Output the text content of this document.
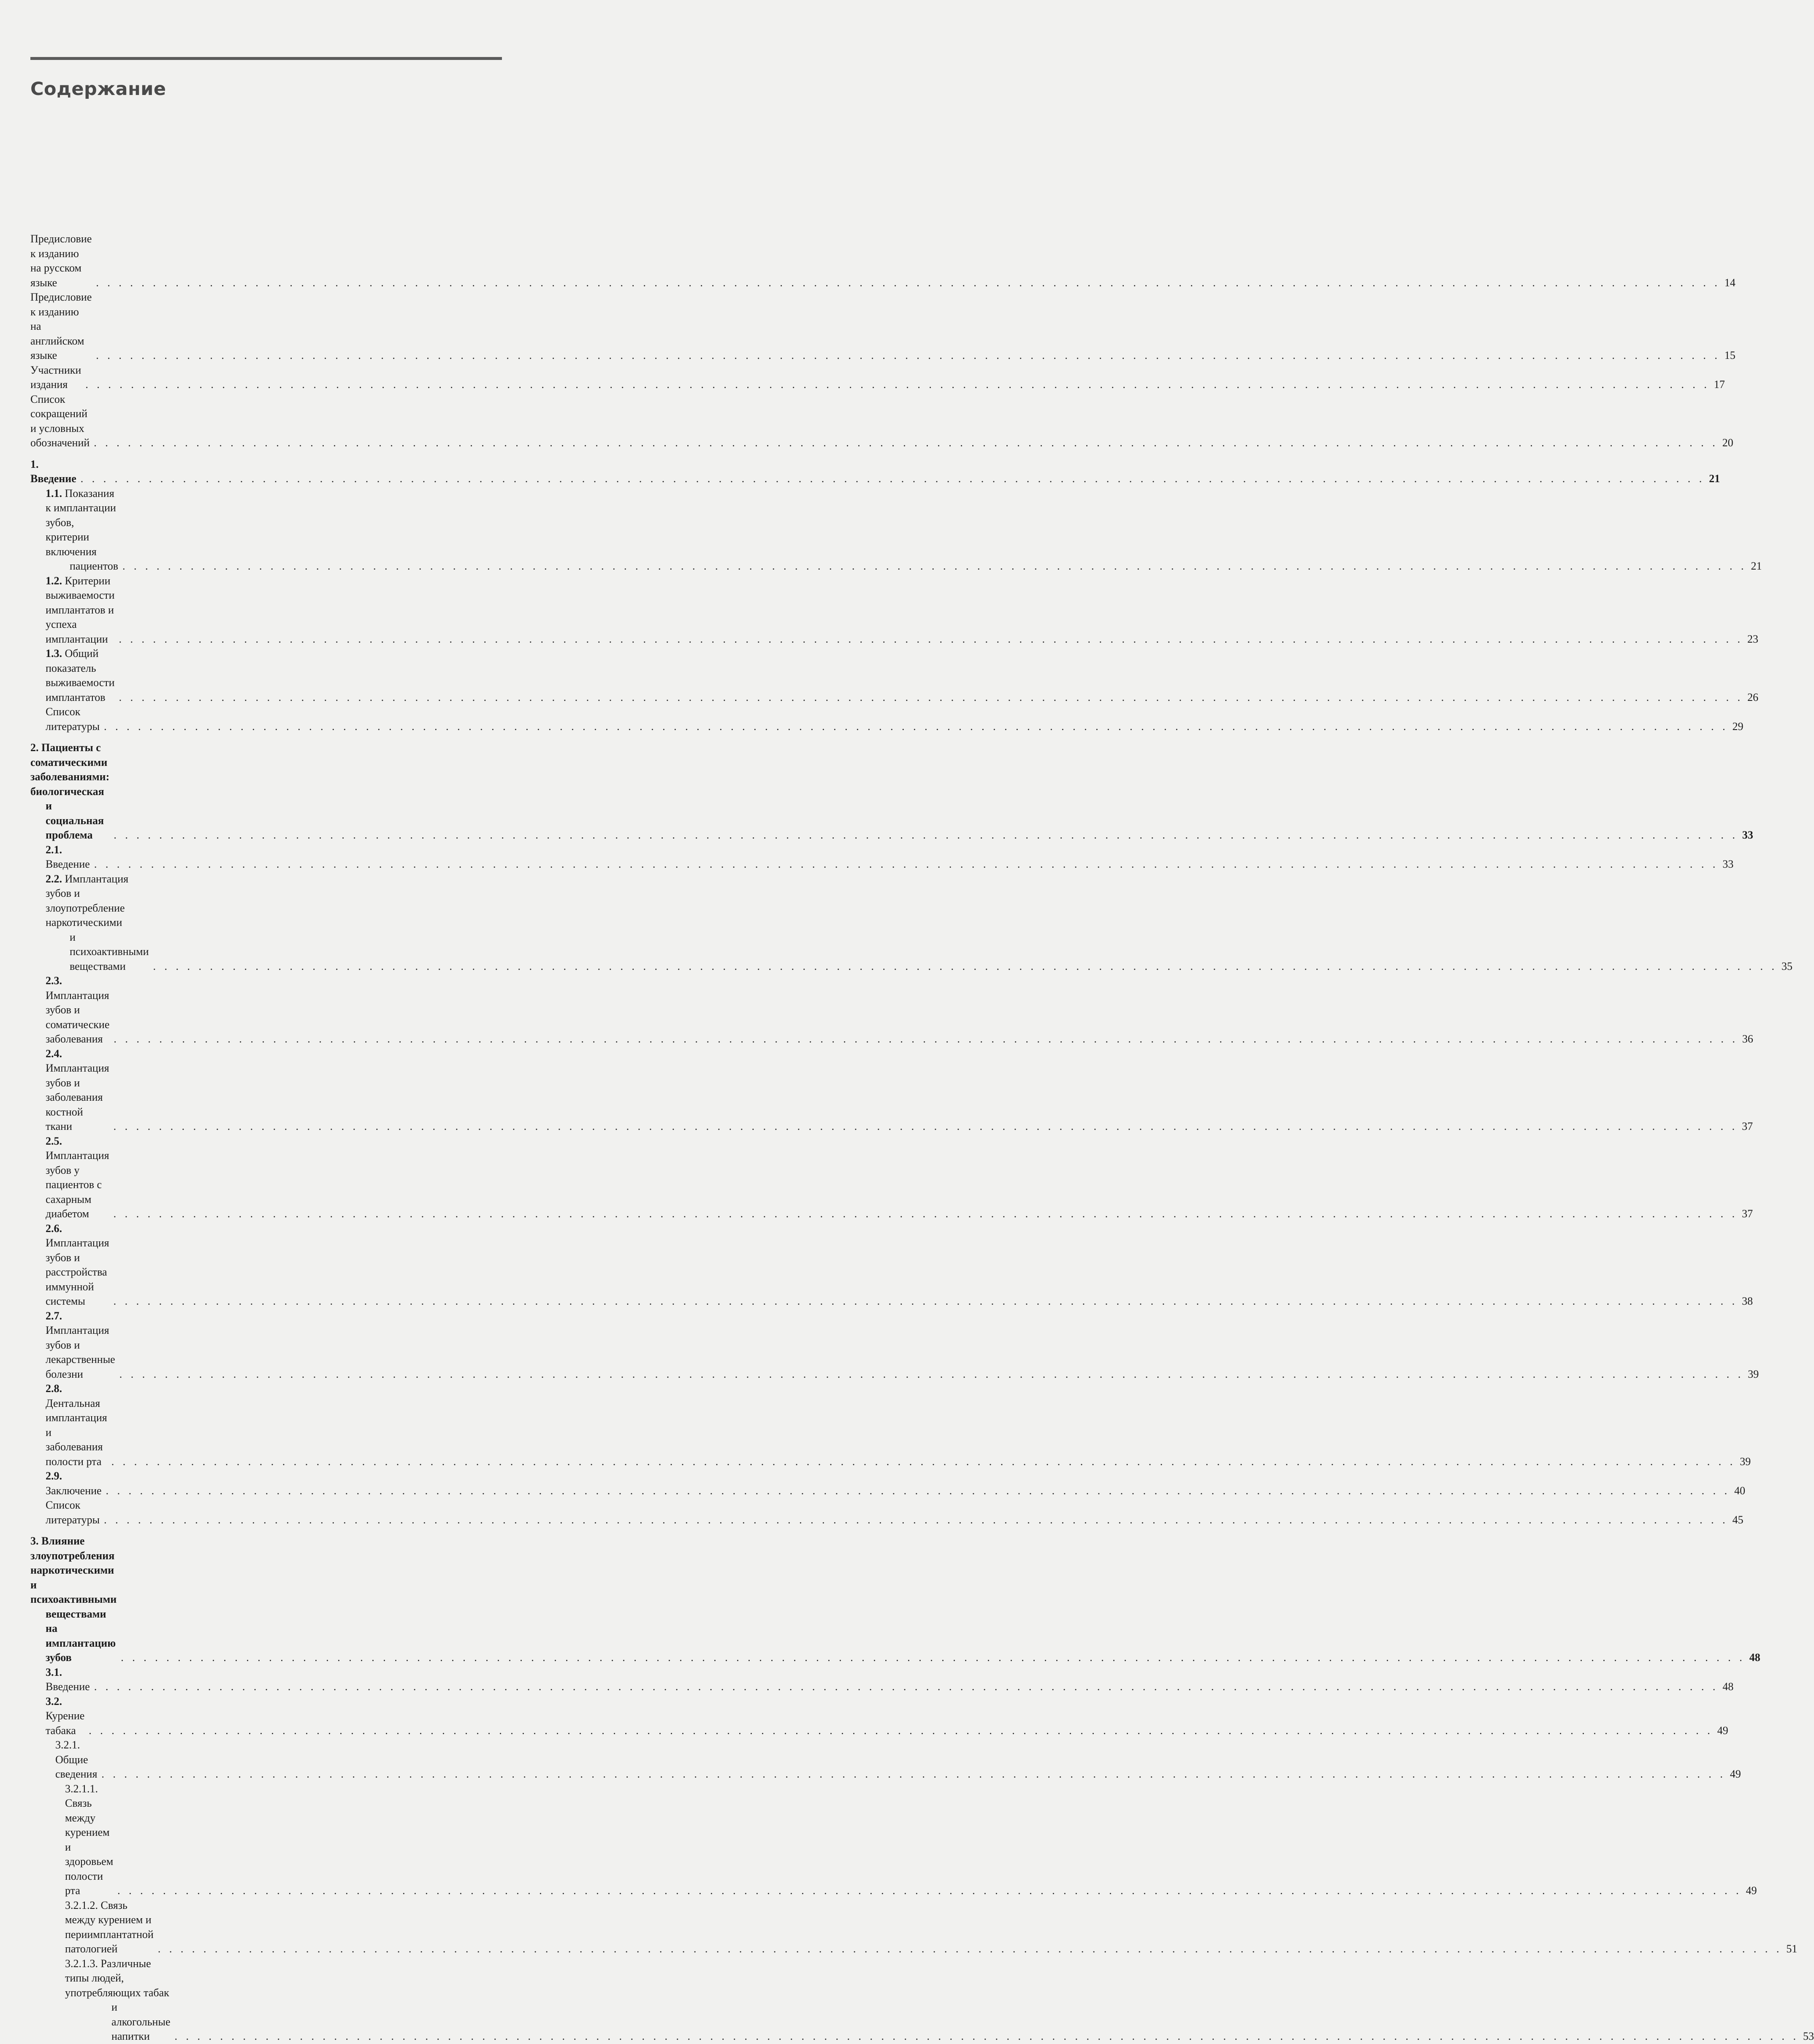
Содержание
Предисловие к изданию на русском языке . . .	14
Предисловие к изданию на английском языке . . .	15
Участники издания . . .	17
Список сокращений и условных обозначений . . .	20
1. Введение . . .	21
1.1. Показания к имплантации зубов, критерии включения
пациентов . . .	21
1.2. Критерии выживаемости имплантатов и успеха имплантации . . .	23
1.3. Общий показатель выживаемости имплантатов . . .	26
Список литературы . . .	29
2. Пациенты с соматическими заболеваниями: биологическая
и социальная проблема . . .	33
2.1. Введение . . .	33
2.2. Имплантация зубов и злоупотребление наркотическими
и психоактивными веществами . . .	35
2.3. Имплантация зубов и соматические заболевания . . .	36
2.4. Имплантация зубов и заболевания костной ткани . . .	37
2.5. Имплантация зубов у пациентов с сахарным диабетом . . .	37
2.6. Имплантация зубов и расстройства иммунной системы . . .	38
2.7. Имплантация зубов и лекарственные болезни . . .	39
2.8. Дентальная имплантация и заболевания полости рта . . .	39
2.9. Заключение . . .	40
Список литературы . . .	45
3. Влияние злоупотребления наркотическими и психоактивными
веществами на имплантацию зубов . . .	48
3.1. Введение . . .	48
3.2. Курение табака . . .	49
3.2.1. Общие сведения . . .	49
3.2.1.1. Связь между курением и здоровьем полости рта . . .	49
3.2.1.2. Связь между курением и периимплантатной патологией . . .	51
3.2.1.3. Различные типы людей, употребляющих табак
и алкогольные напитки . . .	53
